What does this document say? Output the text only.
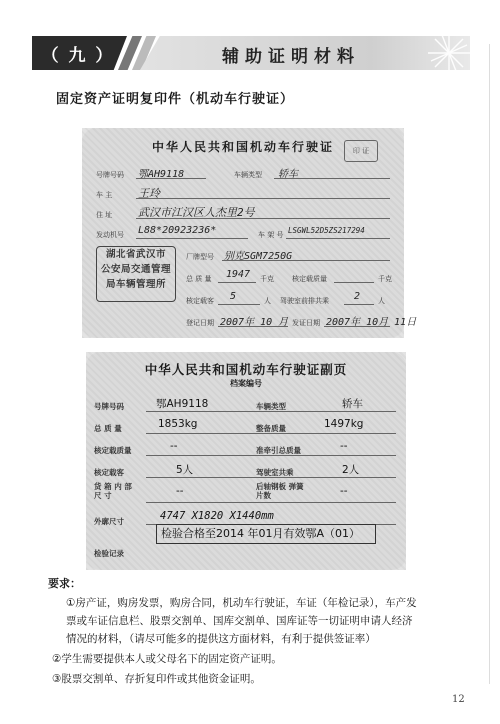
（ 九 ）	辅助证明材料
固定资产证明复印件（机动车行驶证）
中华人民共和国机动车行驶证	印 证
号牌号码 鄂AH9118	车辆类型 轿车
车 主 王玲
住 址 武汉市江汉区人杰里2号
发动机号 L88*20923236*	车 架 号 LSGWL52D5ZS217294
湖北省武汉市
公安局交通管理
局车辆管理所
厂牌型号 别克SGM7250G
总 质 量 1947 千克	核定载质量	千克
核定载客 5	人 驾驶室前排共乘	2	人
登记日期 2007年 10 月 发证日期 2007年 10月 11日
中华人民共和国机动车行驶证副页
档案编号
号牌号码	鄂AH9118	车辆类型	轿车
总 质 量	1853kg	整备质量	1497kg
核定载质量	--	准牵引总质量	--
核定载客	5人	驾驶室共乘	2人
货 箱 内 部 尺 寸	--	后轴钢板 弹簧片数	--
外廓尺寸	4747 X1820 X1440mm
检验记录
检验合格至2014 年01月有效鄂A（01）
要求：
①房产证，购房发票，购房合同，机动车行驶证，车证（年检记录），车产发
票或车证信息栏、股票交割单、国库交割单、国库证等一切证明申请人经济
情况的材料，（请尽可能多的提供这方面材料，有利于提供签证率）
②学生需要提供本人或父母名下的固定资产证明。
③股票交割单、存折复印件或其他资金证明。
12
